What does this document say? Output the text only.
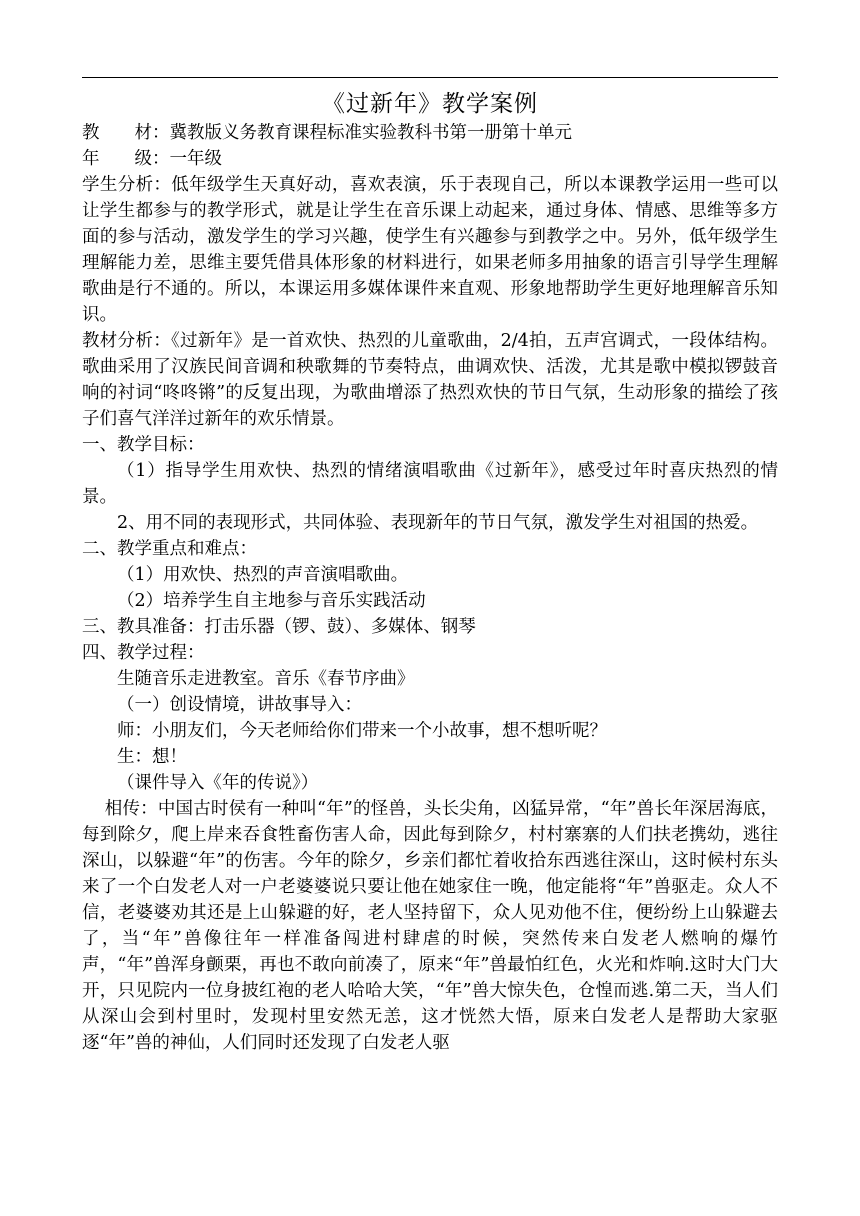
《过新年》教学案例

教　　材：冀教版义务教育课程标准实验教科书第一册第十单元

年　　级：一年级

学生分析：低年级学生天真好动，喜欢表演，乐于表现自己，所以本课教学运用一些可以让学生都参与的教学形式，就是让学生在音乐课上动起来，通过身体、情感、思维等多方面的参与活动，激发学生的学习兴趣，使学生有兴趣参与到教学之中。另外，低年级学生理解能力差，思维主要凭借具体形象的材料进行，如果老师多用抽象的语言引导学生理解歌曲是行不通的。所以，本课运用多媒体课件来直观、形象地帮助学生更好地理解音乐知识。

教材分析：《过新年》是一首欢快、热烈的儿童歌曲，2/4拍，五声宫调式，一段体结构。歌曲采用了汉族民间音调和秧歌舞的节奏特点，曲调欢快、活泼，尤其是歌中模拟锣鼓音响的衬词“咚咚锵”的反复出现，为歌曲增添了热烈欢快的节日气氛，生动形象的描绘了孩子们喜气洋洋过新年的欢乐情景。

一、教学目标：

（1）指导学生用欢快、热烈的情绪演唱歌曲《过新年》，感受过年时喜庆热烈的情景。

2、用不同的表现形式，共同体验、表现新年的节日气氛，激发学生对祖国的热爱。

二、教学重点和难点：

（1）用欢快、热烈的声音演唱歌曲。

（2）培养学生自主地参与音乐实践活动

三、教具准备：打击乐器（锣、鼓）、多媒体、钢琴

四、教学过程：

生随音乐走进教室。音乐《春节序曲》

（一）创设情境，讲故事导入：

师：小朋友们，今天老师给你们带来一个小故事，想不想听呢？

生：想！

（课件导入《年的传说》）

相传：中国古时侯有一种叫“年”的怪兽，头长尖角，凶猛异常，“年”兽长年深居海底，每到除夕，爬上岸来吞食牲畜伤害人命，因此每到除夕，村村寨寨的人们扶老携幼，逃往深山，以躲避“年”的伤害。今年的除夕，乡亲们都忙着收拾东西逃往深山，这时候村东头来了一个白发老人对一户老婆婆说只要让他在她家住一晚，他定能将“年”兽驱走。众人不信，老婆婆劝其还是上山躲避的好，老人坚持留下，众人见劝他不住，便纷纷上山躲避去了，当“年”兽像往年一样准备闯进村肆虐的时候，突然传来白发老人燃响的爆竹声，“年”兽浑身颤栗，再也不敢向前凑了，原来“年”兽最怕红色，火光和炸响.这时大门大开，只见院内一位身披红袍的老人哈哈大笑，“年”兽大惊失色，仓惶而逃.第二天，当人们从深山会到村里时，发现村里安然无恙，这才恍然大悟，原来白发老人是帮助大家驱逐“年”兽的神仙，人们同时还发现了白发老人驱
